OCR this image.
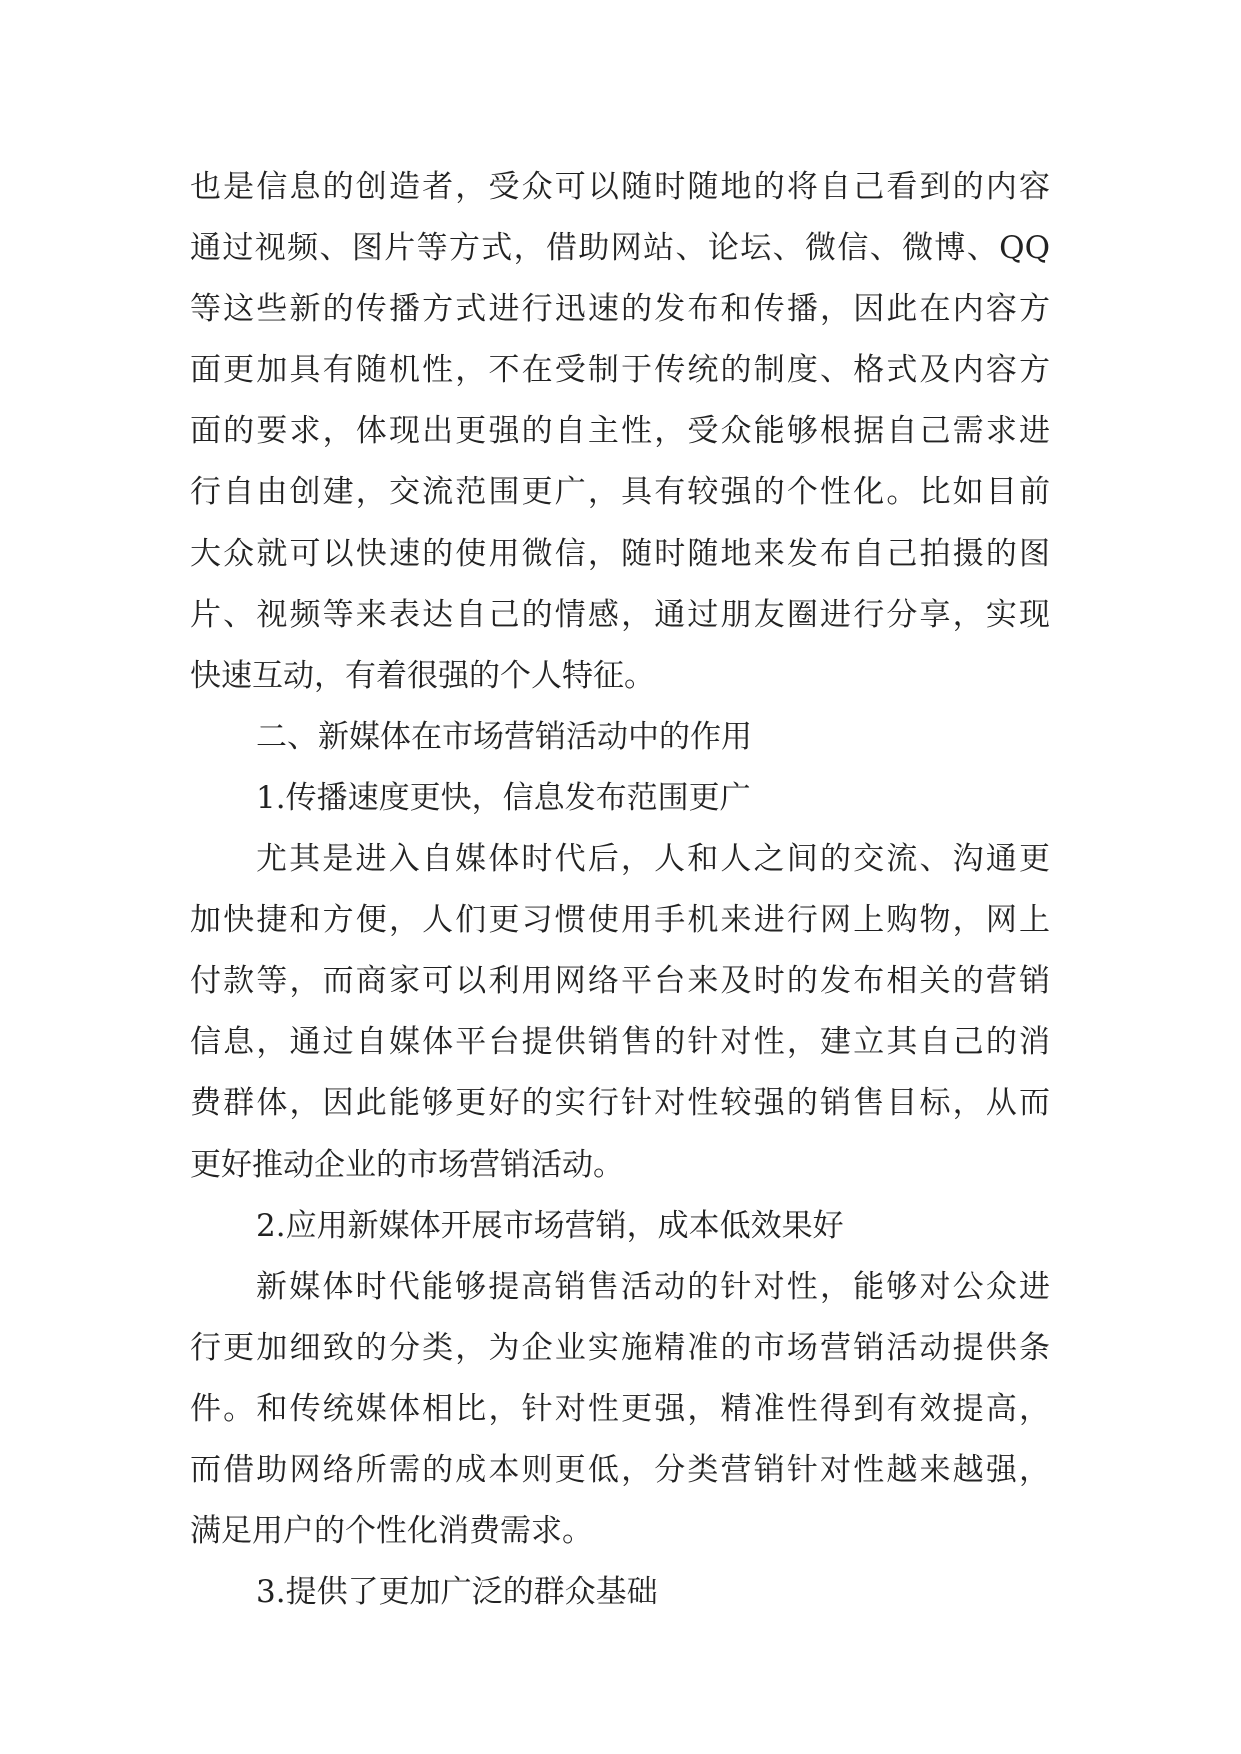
也是信息的创造者，受众可以随时随地的将自己看到的内容
通过视频、图片等方式，借助网站、论坛、微信、微博、QQ
等这些新的传播方式进行迅速的发布和传播，因此在内容方
面更加具有随机性，不在受制于传统的制度、格式及内容方
面的要求，体现出更强的自主性，受众能够根据自己需求进
行自由创建，交流范围更广，具有较强的个性化。比如目前
大众就可以快速的使用微信，随时随地来发布自己拍摄的图
片、视频等来表达自己的情感，通过朋友圈进行分享，实现
快速互动，有着很强的个人特征。
二、新媒体在市场营销活动中的作用
1.传播速度更快，信息发布范围更广
尤其是进入自媒体时代后，人和人之间的交流、沟通更
加快捷和方便，人们更习惯使用手机来进行网上购物，网上
付款等，而商家可以利用网络平台来及时的发布相关的营销
信息，通过自媒体平台提供销售的针对性，建立其自己的消
费群体，因此能够更好的实行针对性较强的销售目标，从而
更好推动企业的市场营销活动。
2.应用新媒体开展市场营销，成本低效果好
新媒体时代能够提高销售活动的针对性，能够对公众进
行更加细致的分类，为企业实施精准的市场营销活动提供条
件。和传统媒体相比，针对性更强，精准性得到有效提高，
而借助网络所需的成本则更低，分类营销针对性越来越强，
满足用户的个性化消费需求。
3.提供了更加广泛的群众基础
